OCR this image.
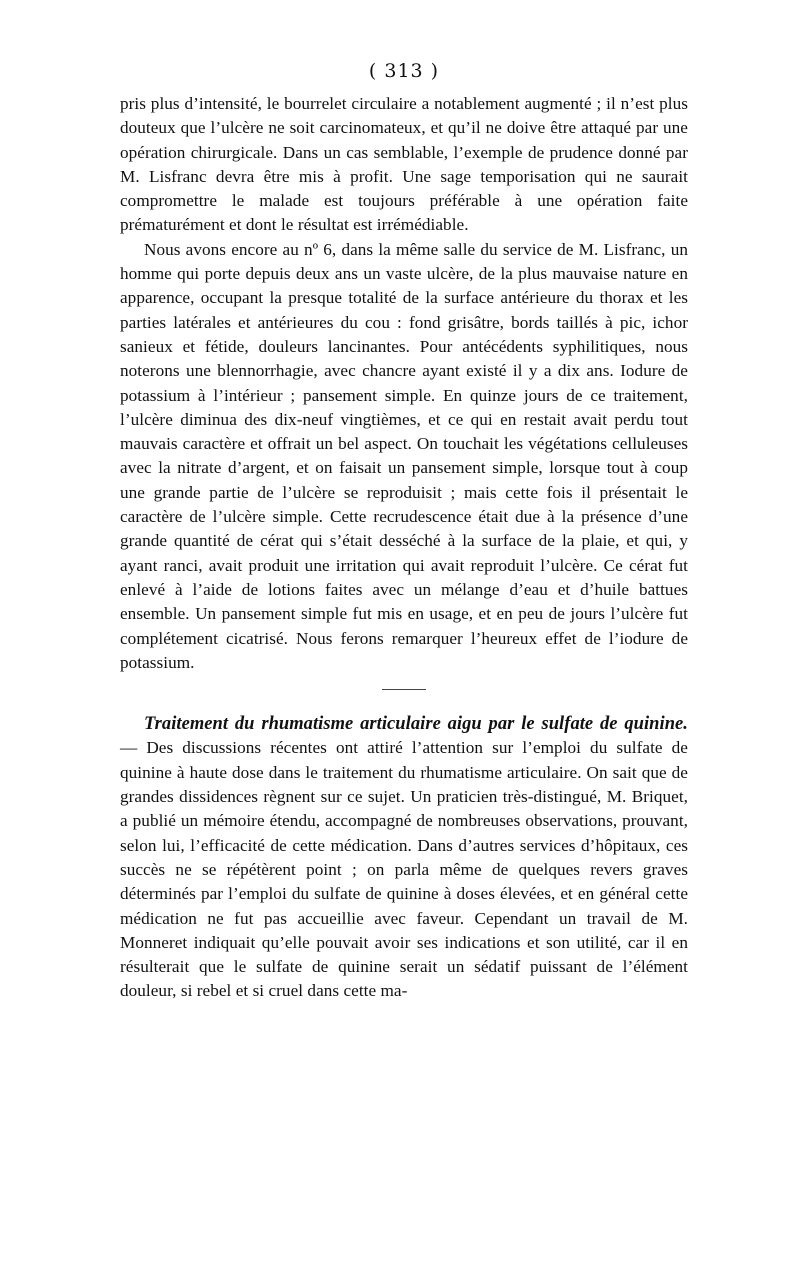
( 313 )

pris plus d’intensité, le bourrelet circulaire a notablement augmenté ; il n’est plus douteux que l’ulcère ne soit carcinomateux, et qu’il ne doive être attaqué par une opération chirurgicale. Dans un cas semblable, l’exemple de prudence donné par M. Lisfranc devra être mis à profit. Une sage temporisation qui ne saurait compromettre le malade est toujours préférable à une opération faite prématurément et dont le résultat est irrémédiable.

Nous avons encore au nº 6, dans la même salle du service de M. Lisfranc, un homme qui porte depuis deux ans un vaste ulcère, de la plus mauvaise nature en apparence, occupant la presque totalité de la surface antérieure du thorax et les parties latérales et antérieures du cou : fond grisâtre, bords taillés à pic, ichor sanieux et fétide, douleurs lancinantes. Pour antécédents syphilitiques, nous noterons une blennorrhagie, avec chancre ayant existé il y a dix ans. Iodure de potassium à l’intérieur ; pansement simple. En quinze jours de ce traitement, l’ulcère diminua des dix-neuf vingtièmes, et ce qui en restait avait perdu tout mauvais caractère et offrait un bel aspect. On touchait les végétations celluleuses avec la nitrate d’argent, et on faisait un pansement simple, lorsque tout à coup une grande partie de l’ulcère se reproduisit ; mais cette fois il présentait le caractère de l’ulcère simple. Cette recrudescence était due à la présence d’une grande quantité de cérat qui s’était desséché à la surface de la plaie, et qui, y ayant ranci, avait produit une irritation qui avait reproduit l’ulcère. Ce cérat fut enlevé à l’aide de lotions faites avec un mélange d’eau et d’huile battues ensemble. Un pansement simple fut mis en usage, et en peu de jours l’ulcère fut complétement cicatrisé. Nous ferons remarquer l’heureux effet de l’iodure de potassium.

Traitement du rhumatisme articulaire aigu par le sulfate de quinine. — Des discussions récentes ont attiré l’attention sur l’emploi du sulfate de quinine à haute dose dans le traitement du rhumatisme articulaire. On sait que de grandes dissidences règnent sur ce sujet. Un praticien très-distingué, M. Briquet, a publié un mémoire étendu, accompagné de nombreuses observations, prouvant, selon lui, l’efficacité de cette médication. Dans d’autres services d’hôpitaux, ces succès ne se répétèrent point ; on parla même de quelques revers graves déterminés par l’emploi du sulfate de quinine à doses élevées, et en général cette médication ne fut pas accueillie avec faveur. Cependant un travail de M. Monneret indiquait qu’elle pouvait avoir ses indications et son utilité, car il en résulterait que le sulfate de quinine serait un sédatif puissant de l’élément douleur, si rebel et si cruel dans cette ma-
